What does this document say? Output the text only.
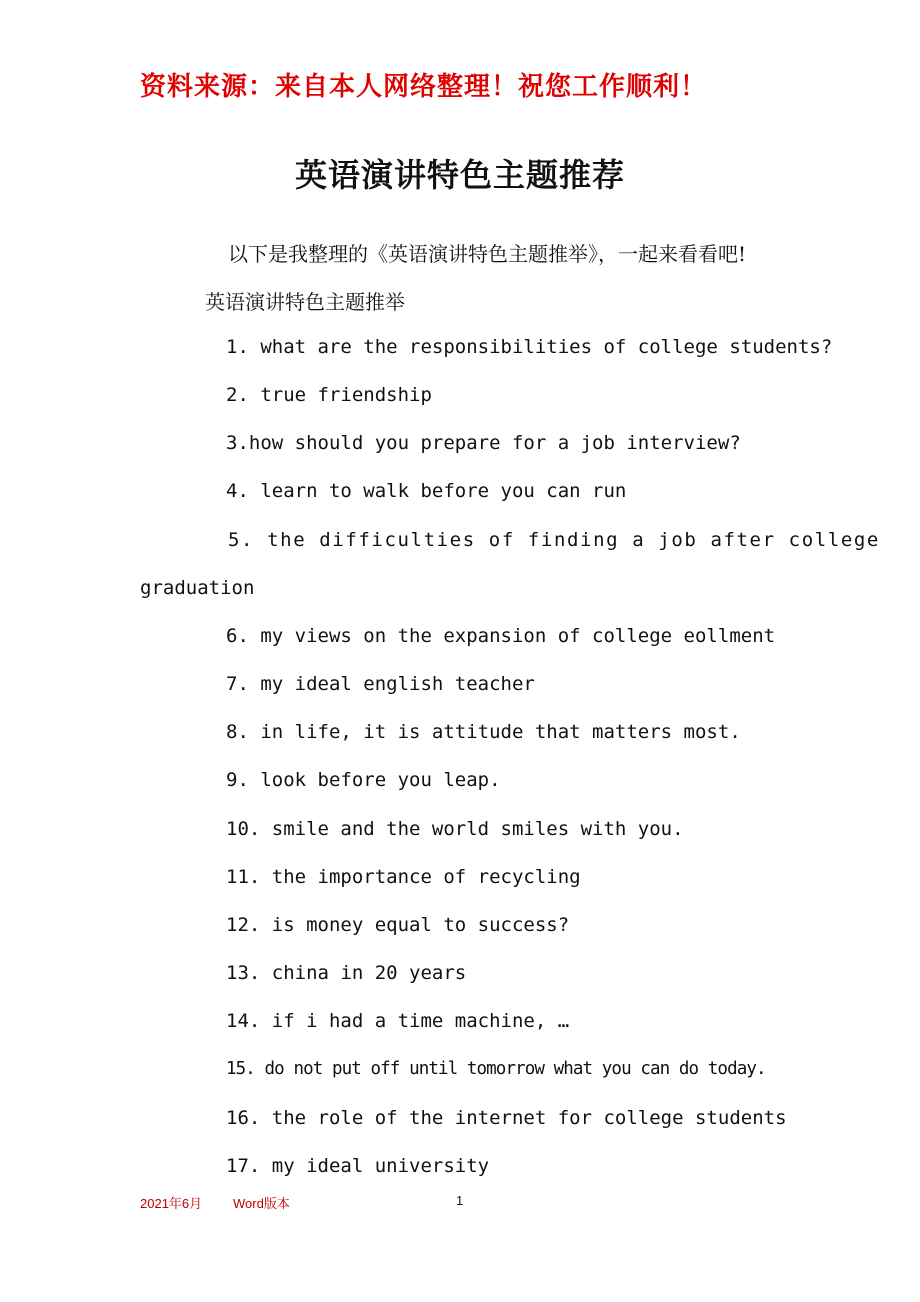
资料来源：来自本人网络整理！祝您工作顺利！
英语演讲特色主题推荐
以下是我整理的《英语演讲特色主题推举》，一起来看看吧!
英语演讲特色主题推举
1. what are the responsibilities of college students?
2. true friendship
3.how should you prepare for a job interview?
4. learn to walk before you can run
5. the difficulties of finding a job after college
graduation
6. my views on the expansion of college eollment
7. my ideal english teacher
8. in life, it is attitude that matters most.
9. look before you leap.
10. smile and the world smiles with you.
11. the importance of recycling
12. is money equal to success?
13. china in 20 years
14. if i had a time machine, …
15. do not put off until tomorrow what you can do today.
16. the role of the internet for college students
17. my ideal university
2021年6月 Word版本	1
